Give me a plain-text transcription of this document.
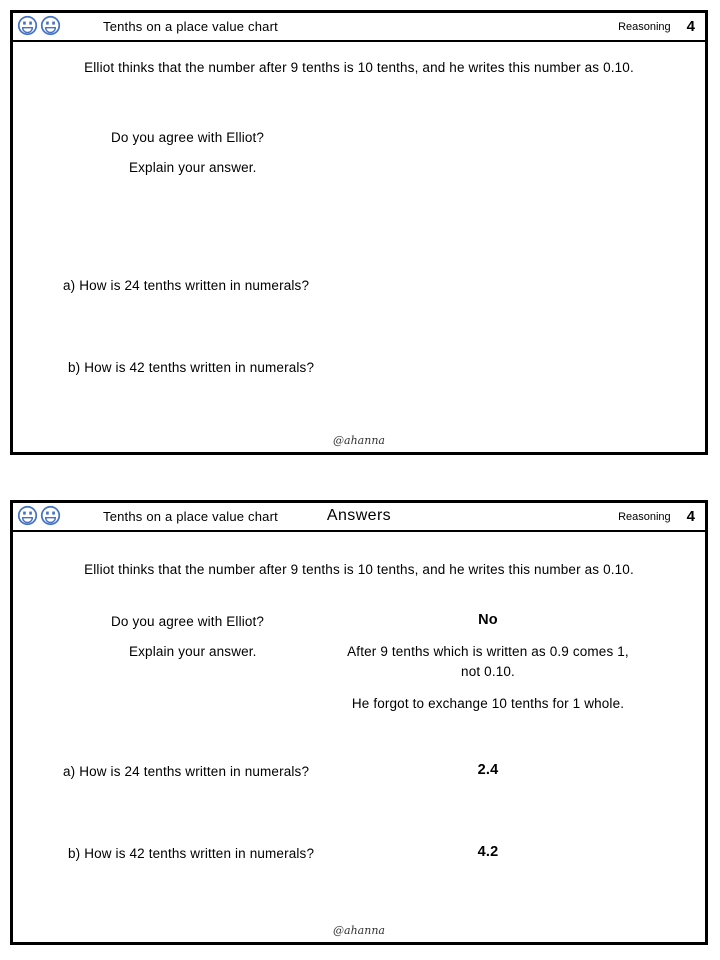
Tenths on a place value chart	Reasoning 4
Elliot thinks that the number after 9 tenths is 10 tenths, and he writes this number as 0.10.
Do you agree with Elliot?
Explain your answer.
a) How is 24 tenths written in numerals?
b) How is 42 tenths written in numerals?
@ahanna
Tenths on a place value chart	Answers	Reasoning 4
Elliot thinks that the number after 9 tenths is 10 tenths, and he writes this number as 0.10.
Do you agree with Elliot?	No
Explain your answer.	After 9 tenths which is written as 0.9 comes 1,
not 0.10.
He forgot to exchange 10 tenths for 1 whole.
a) How is 24 tenths written in numerals?	2.4
b) How is 42 tenths written in numerals?	4.2
@ahanna
